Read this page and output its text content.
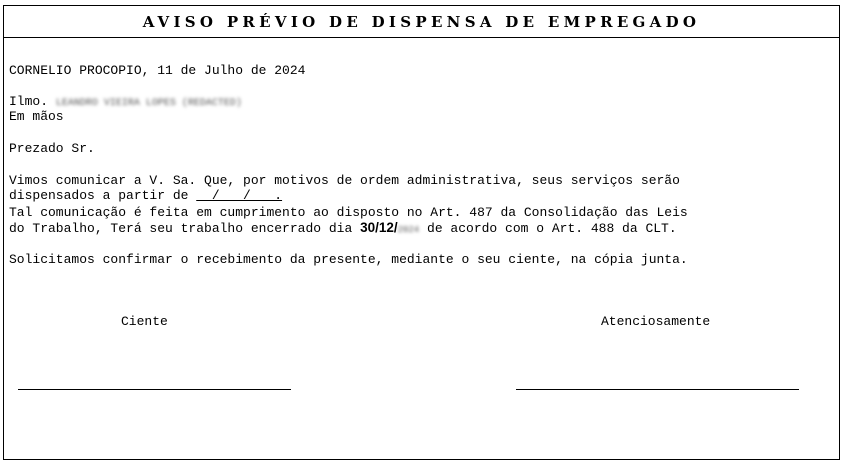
AVISO PRÉVIO DE DISPENSA DE EMPREGADO
CORNELIO PROCOPIO, 11 de Julho de 2024
Ilmo. LEANDRO VIEIRA LOPES (REDACTED)
Em mãos
Prezado Sr.
Vimos comunicar a V. Sa. Que, por motivos de ordem administrativa, seus serviços serão
dispensados a partir de   /   /   .
Tal comunicação é feita em cumprimento ao disposto no Art. 487 da Consolidação das Leis
do Trabalho, Terá seu trabalho encerrado dia 30/12/2024 de acordo com o Art. 488 da CLT.
Solicitamos confirmar o recebimento da presente, mediante o seu ciente, na cópia junta.
Ciente	Atenciosamente
